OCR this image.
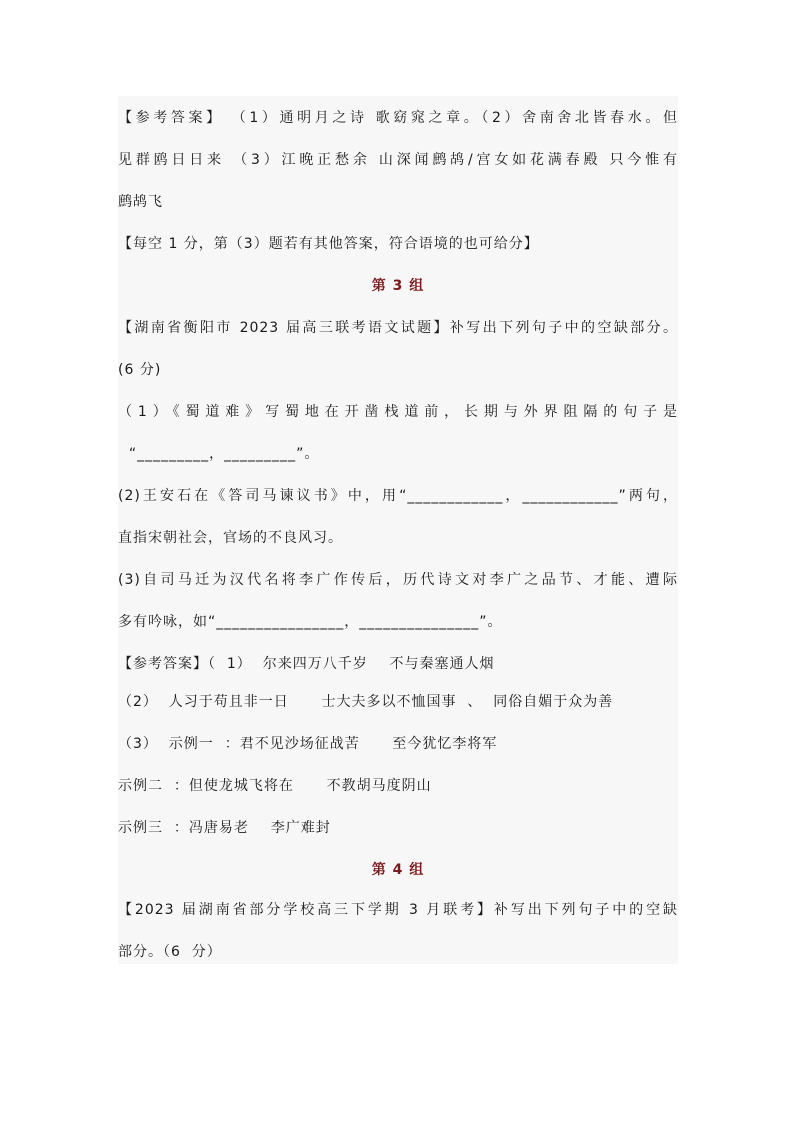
【参考答案】 （1）通明月之诗 歌窈窕之章。（2）舍南舍北皆春水。但
见群鸥日日来 （3）江晚正愁余 山深闻鹧鸪/宫女如花满春殿 只今惟有
鹧鸪飞
【每空 1 分，第（3）题若有其他答案，符合语境的也可给分】
第 3 组
【湖南省衡阳市 2023 届高三联考语文试题】补写出下列句子中的空缺部分。
(6 分)
（1）《蜀道难》写蜀地在开凿栈道前，长期与外界阻隔的句子是
“_________，_________”。
(2)王安石在《答司马谏议书》中，用“____________，____________”两句，
直指宋朝社会，官场的不良风习。
(3)自司马迁为汉代名将李广作传后，历代诗文对李广之品节、才能、遭际
多有吟咏，如“________________，_______________”。
【参考答案】（  1）  尔来四万八千岁    不与秦塞通人烟
（2）  人习于苟且非一日      士大夫多以不恤国事  、  同俗自媚于众为善
（3）  示例一  ：君不见沙场征战苦      至今犹忆李将军
示例二  ：但使龙城飞将在      不教胡马度阴山
示例三  ：冯唐易老    李广难封
第 4 组
【2023 届湖南省部分学校高三下学期 3 月联考】补写出下列句子中的空缺
部分。（6  分）
